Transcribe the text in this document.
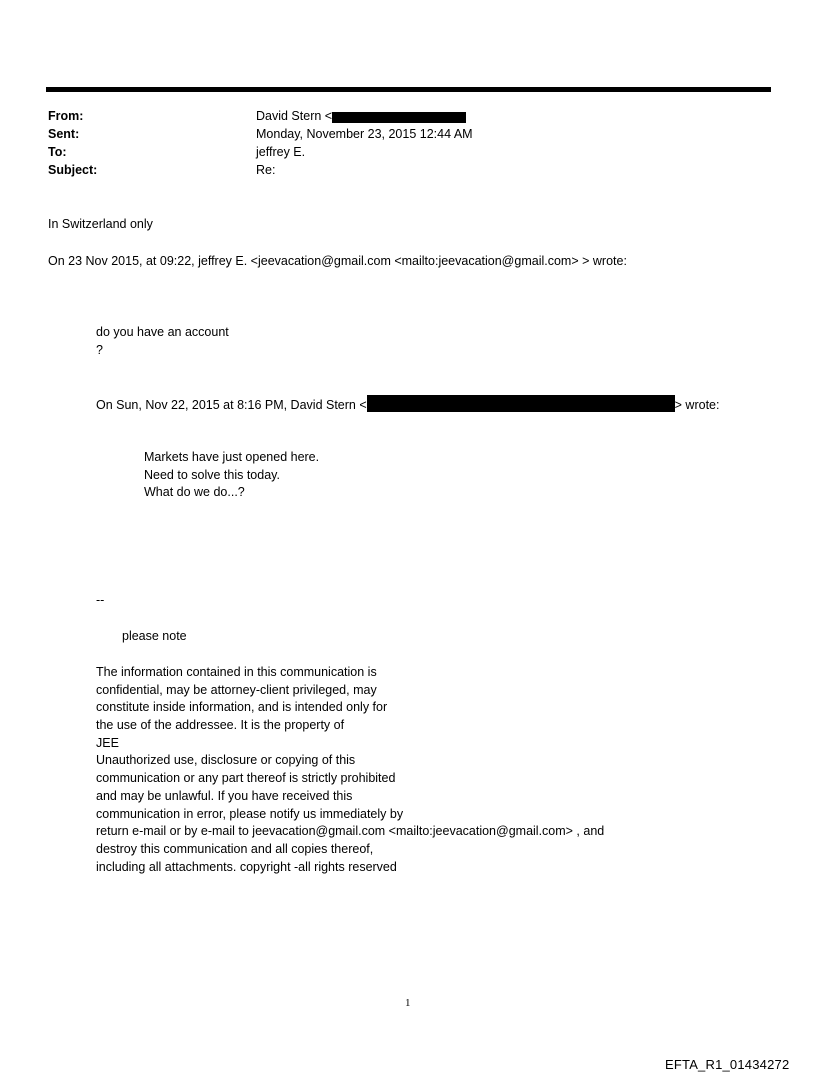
From:
Sent:
To:
Subject:
David Stern <
Monday, November 23, 2015 12:44 AM
jeffrey E.
Re:
In Switzerland only
On 23 Nov 2015, at 09:22, jeffrey E. <jeevacation@gmail.com <mailto:jeevacation@gmail.com> > wrote:
do you have an account
?
On Sun, Nov 22, 2015 at 8:16 PM, David Stern <	> wrote:
Markets have just opened here.
Need to solve this today.
What do we do...?
--
please note
The information contained in this communication is
confidential, may be attorney-client privileged, may
constitute inside information, and is intended only for
the use of the addressee. It is the property of
JEE
Unauthorized use, disclosure or copying of this
communication or any part thereof is strictly prohibited
and may be unlawful. If you have received this
communication in error, please notify us immediately by
return e-mail or by e-mail to jeevacation@gmail.com <mailto:jeevacation@gmail.com> , and
destroy this communication and all copies thereof,
including all attachments. copyright -all rights reserved
1
EFTA_R1_01434272
